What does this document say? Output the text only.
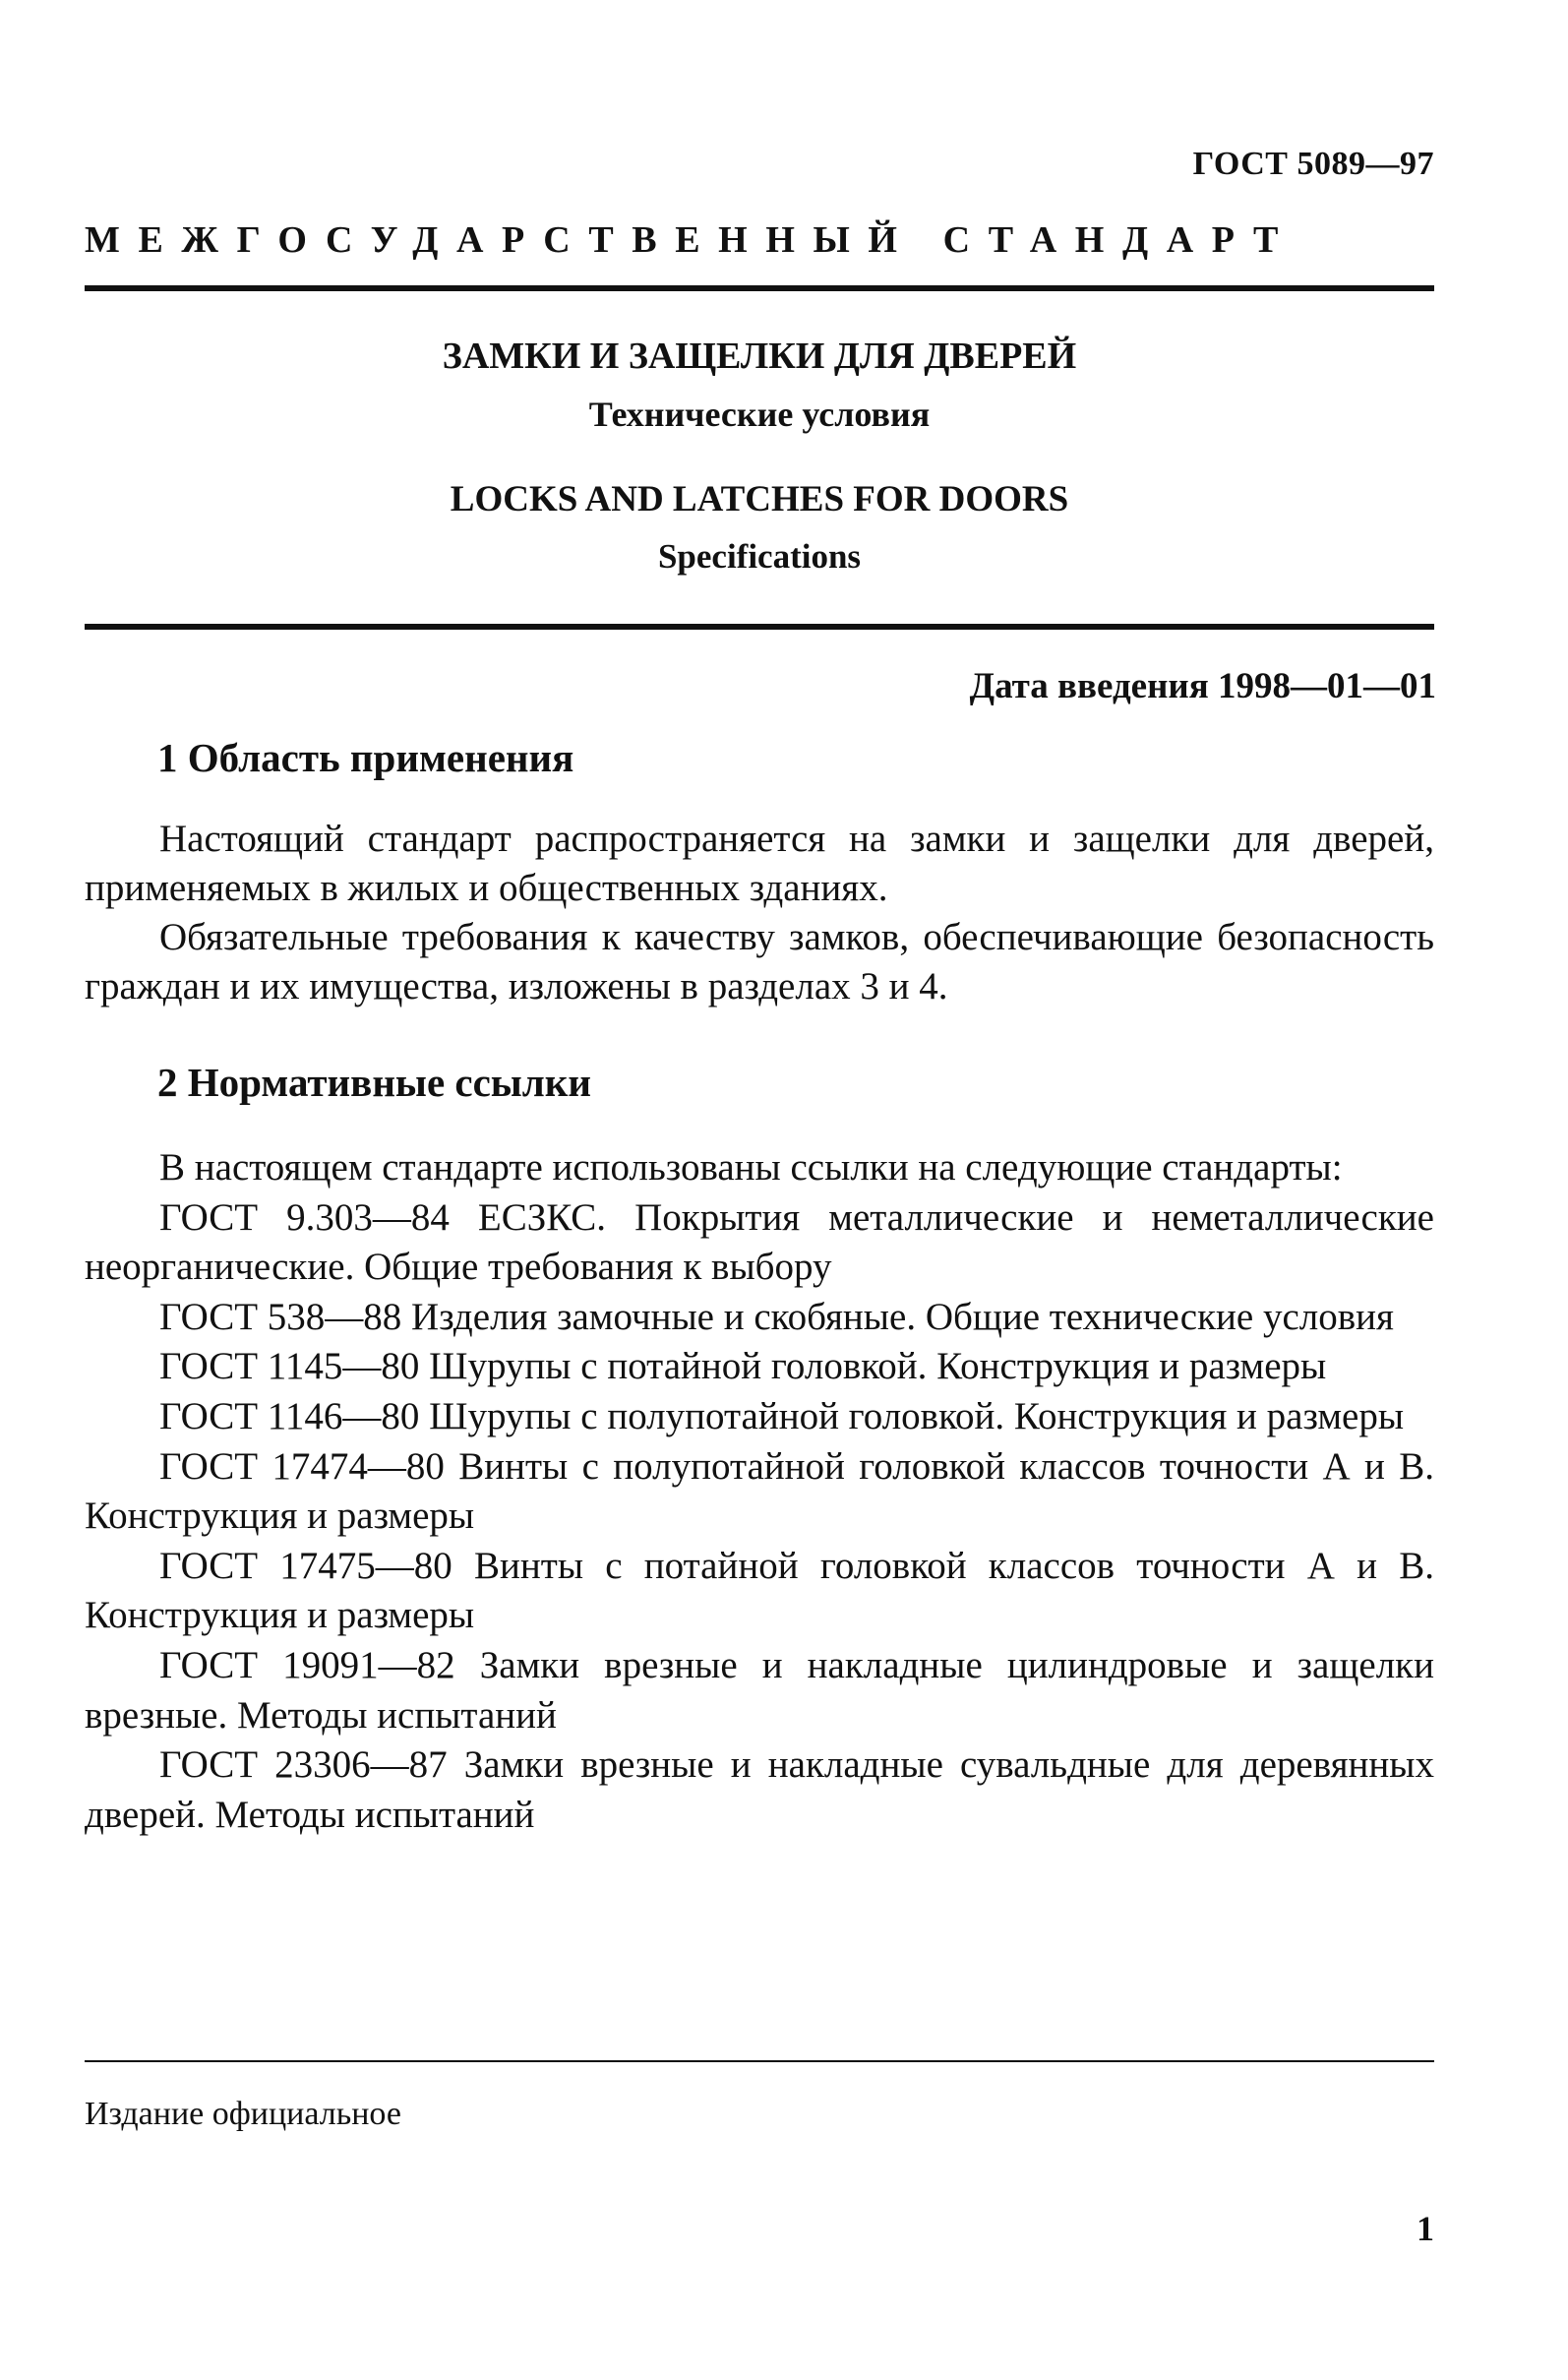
ГОСТ 5089—97
МЕЖГОСУДАРСТВЕННЫЙ СТАНДАРТ
ЗАМКИ И ЗАЩЕЛКИ ДЛЯ ДВЕРЕЙ
Технические условия
LOCKS AND LATCHES FOR DOORS
Specifications
Дата введения 1998—01—01
1 Область применения

Настоящий стандарт распространяется на замки и защелки для дверей, применяемых в жилых и общественных зданиях.

Обязательные требования к качеству замков, обеспечивающие безопасность граждан и их имущества, изложены в разделах 3 и 4.

2 Нормативные ссылки

В настоящем стандарте использованы ссылки на следующие стандарты:

ГОСТ 9.303—84 ЕСЗКС. Покрытия металлические и неметаллические неорганические. Общие требования к выбору

ГОСТ 538—88 Изделия замочные и скобяные. Общие технические условия

ГОСТ 1145—80 Шурупы с потайной головкой. Конструкция и размеры

ГОСТ 1146—80 Шурупы с полупотайной головкой. Конструкция и размеры

ГОСТ 17474—80 Винты с полупотайной головкой классов точности А и В. Конструкция и размеры

ГОСТ 17475—80 Винты с потайной головкой классов точности А и В. Конструкция и размеры

ГОСТ 19091—82 Замки врезные и накладные цилиндровые и защелки врезные. Методы испытаний

ГОСТ 23306—87 Замки врезные и накладные сувальдные для деревянных дверей. Методы испытаний

Издание официальное
1
